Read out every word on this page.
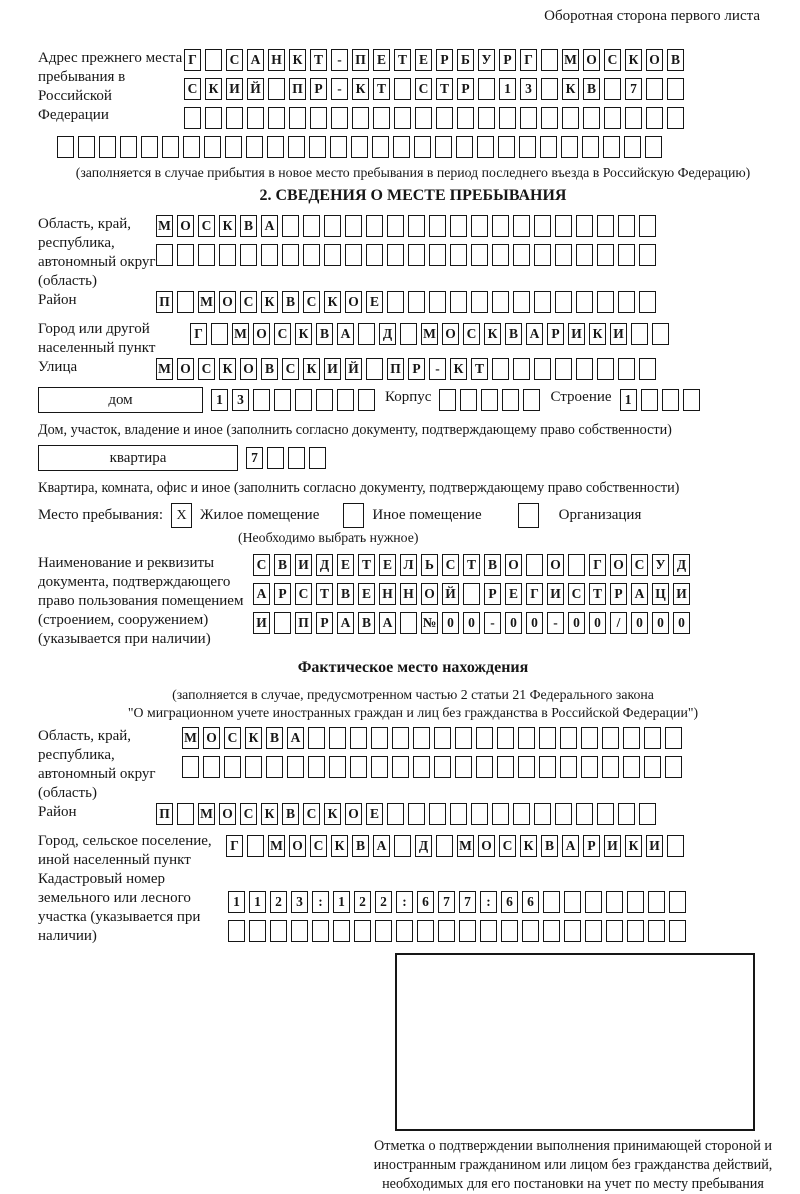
Оборотная сторона первого листа
Адрес прежнего места пребывания в Российской Федерации
Г	С А Н К Т	- П Е Т Е Р Б У Р Г	М О С К О В
С К И Й П Р	-	К Т С Т Р	1	3	К В	7
(заполняется в случае прибытия в новое место пребывания в период последнего въезда в Российскую Федерацию)
2. СВЕДЕНИЯ О МЕСТЕ ПРЕБЫВАНИЯ
Область, край, республика, автономный округ (область)
М О С К В А
Район	П М О С К В С К О Е
Город или другой населенный пункт
Г	М О С К В А Д М О С К В А Р И К И
Улица	М О С К О В С К И Й П Р	-	К Т
дом	1	3	Корпус	Строение 1
Дом, участок, владение и иное (заполнить согласно документу, подтверждающему право собственности)
квартира	7
Квартира, комната, офис и иное (заполнить согласно документу, подтверждающему право собственности)
Место пребывания: X Жилое помещение	Иное помещение	Организация
(Необходимо выбрать нужное)
Наименование и реквизиты документа, подтверждающего право пользования помещением (строением, сооружением) (указывается при наличии)
С В И Д Е Т Е Л Ь С Т В О О	Г О С У Д
А Р С Т В Е Н Н О Й	Р Е Г И С Т Р А Ц И
И П Р А В А № 0	0	-	0	0	-	0	0	/	0	0	0
Фактическое место нахождения
(заполняется в случае, предусмотренном частью 2 статьи 21 Федерального закона
"О миграционном учете иностранных граждан и лиц без гражданства в Российской Федерации")
Область, край, республика, автономный округ (область)
М О С К В А
Район	П М О С К В С К О Е
Город, сельское поселение, иной населенный пункт
Г	М О С К В А Д М О С К В А Р И К И
Кадастровый номер земельного или лесного участка (указывается при наличии)
1	1	2	3	:	1	2	2	:	6	7	7	:	6	6
Отметка о подтверждении выполнения принимающей стороной и иностранным гражданином или лицом без гражданства действий, необходимых для его постановки на учет по месту пребывания
